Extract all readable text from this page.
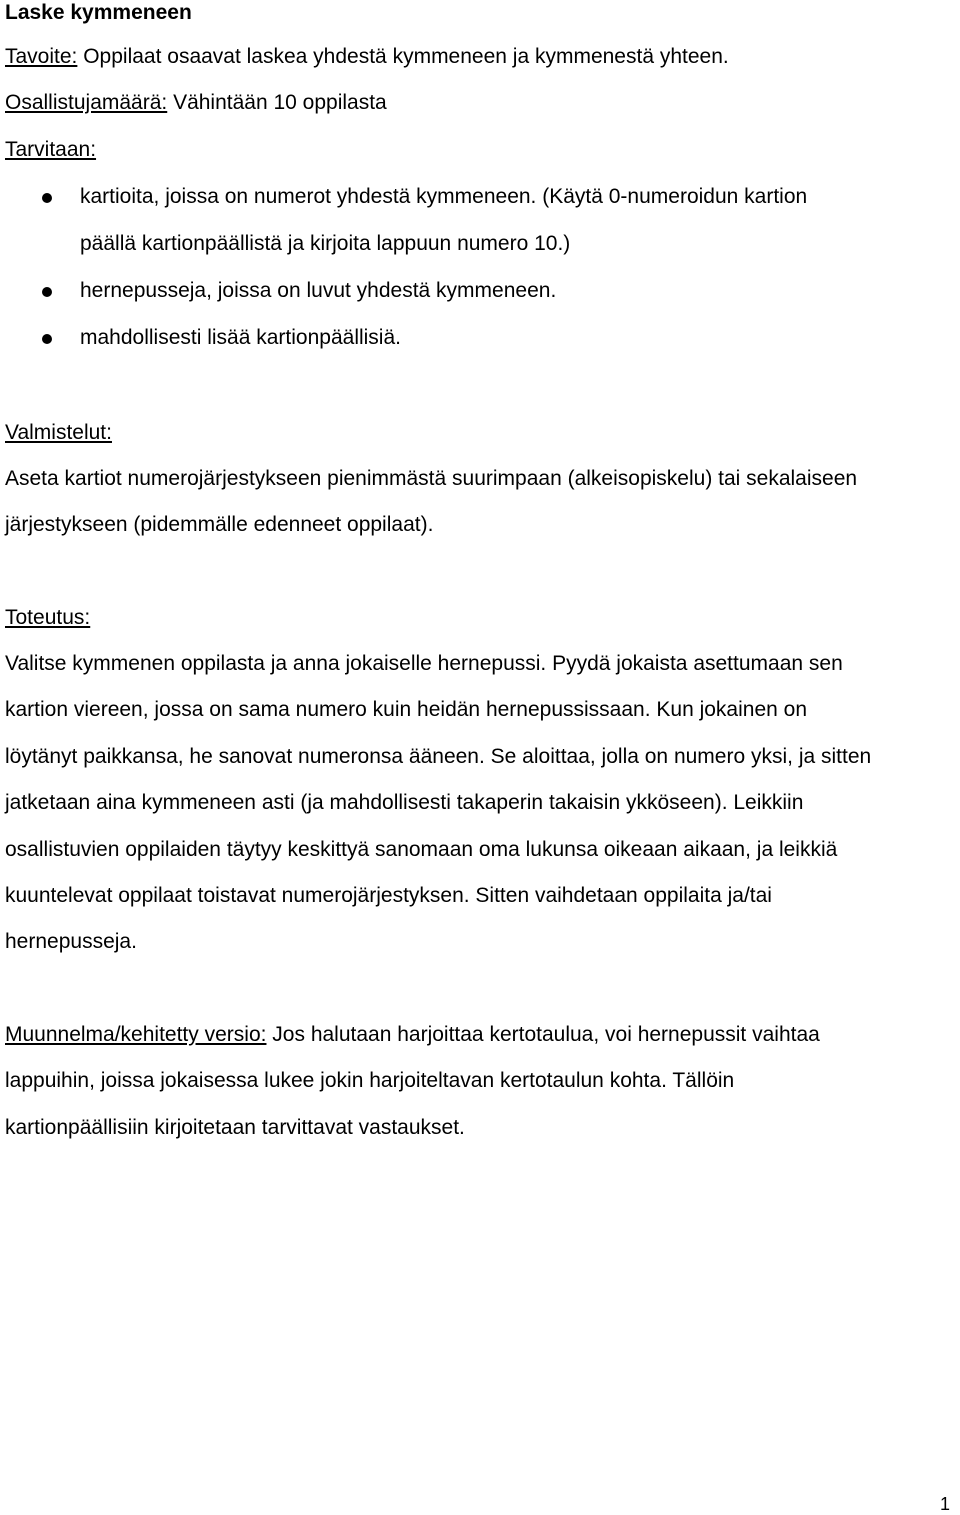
Laske kymmeneen
Tavoite: Oppilaat osaavat laskea yhdestä kymmeneen ja kymmenestä yhteen.
Osallistujamäärä: Vähintään 10 oppilasta
Tarvitaan:
kartioita, joissa on numerot yhdestä kymmeneen. (Käytä 0-numeroidun kartion
päällä kartionpäällistä ja kirjoita lappuun numero 10.)
hernepusseja, joissa on luvut yhdestä kymmeneen.
mahdollisesti lisää kartionpäällisiä.
Valmistelut:
Aseta kartiot numerojärjestykseen pienimmästä suurimpaan (alkeisopiskelu) tai sekalaiseen
järjestykseen (pidemmälle edenneet oppilaat).
Toteutus:
Valitse kymmenen oppilasta ja anna jokaiselle hernepussi. Pyydä jokaista asettumaan sen
kartion viereen, jossa on sama numero kuin heidän hernepussissaan. Kun jokainen on
löytänyt paikkansa, he sanovat numeronsa ääneen. Se aloittaa, jolla on numero yksi, ja sitten
jatketaan aina kymmeneen asti (ja mahdollisesti takaperin takaisin ykköseen). Leikkiin
osallistuvien oppilaiden täytyy keskittyä sanomaan oma lukunsa oikeaan aikaan, ja leikkiä
kuuntelevat oppilaat toistavat numerojärjestyksen. Sitten vaihdetaan oppilaita ja/tai
hernepusseja.
Muunnelma/kehitetty versio: Jos halutaan harjoittaa kertotaulua, voi hernepussit vaihtaa
lappuihin, joissa jokaisessa lukee jokin harjoiteltavan kertotaulun kohta. Tällöin
kartionpäällisiin kirjoitetaan tarvittavat vastaukset.
1
